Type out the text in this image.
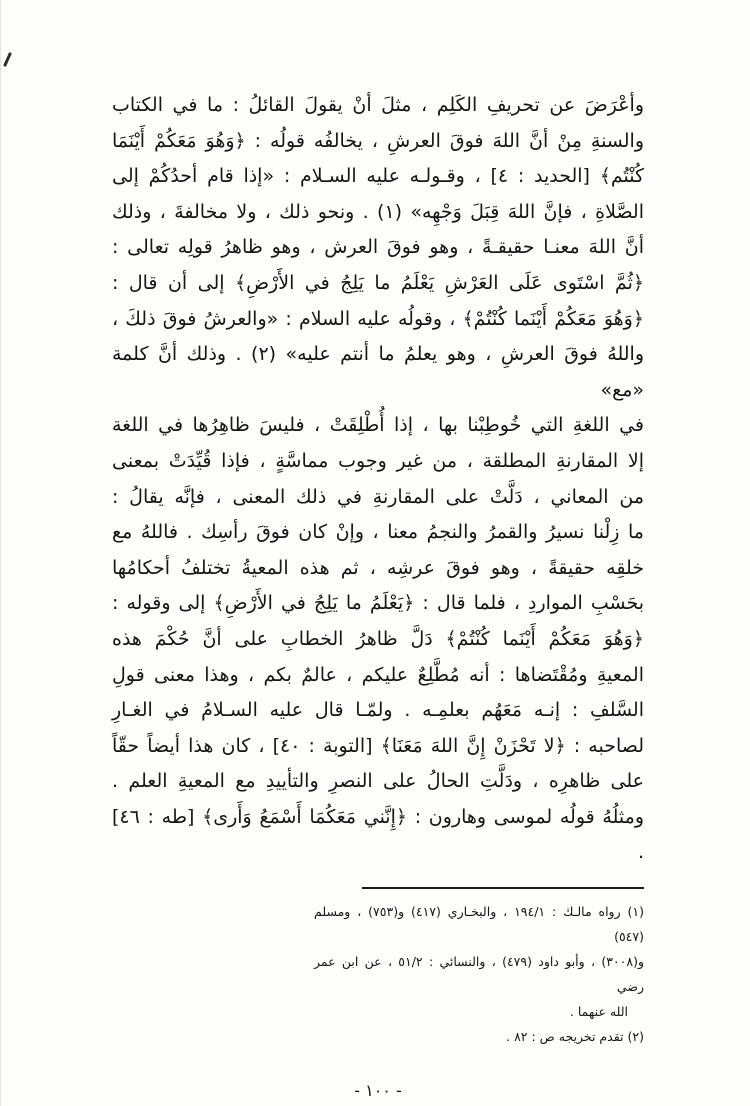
وأعْرَضَ عن تحريفِ الكَلِم ، مثلَ أنْ يقولَ القائلُ : ما في الكتاب
والسنةِ مِنْ أنَّ اللهَ فوقَ العرشِ ، يخالفُه قولُه : ﴿وَهُوَ مَعَكُمْ أَيْنَمَا
كُنْتُم﴾ [الحديد : ٤] ، وقـولـه عليه السـلام : «إذا قام أحدُكُمْ إلى
الصَّلاةِ ، فإنَّ اللهَ قِبَلَ وَجْهِه» (١) . ونحو ذلك ، ولا مخالفةَ ، وذلك
أنَّ اللهَ معنـا حقيقـةً ، وهو فوقَ العرش ، وهو ظاهرُ قولِه تعالى :
﴿ثُمَّ اسْتَوى عَلَى العَرْشِ يَعْلَمُ ما يَلِجُ في الأَرْضِ﴾ إلى أن قال :
﴿وَهُوَ مَعَكُمْ أَيْنَما كُنْتُمْ﴾ ، وقولُه عليه السلام : «والعرشُ فوقَ ذلكَ ،
واللهُ فوقَ العرشِ ، وهو يعلمُ ما أنتم عليه» (٢) . وذلك أنَّ كلمة «مع»
في اللغةِ التي خُوطِبْنا بها ، إذا أُطْلِقَتْ ، فليسَ ظاهِرُها في اللغة
إلا المقارنةِ المطلقة ، من غير وجوب مماسَّةٍ ، فإذا قُيِّدَتْ بمعنى
من المعاني ، دَلَّتْ على المقارنةِ في ذلك المعنى ، فإنَّه يقالُ :
ما زِلْنا نسيرُ والقمرُ والنجمُ معنا ، وإنْ كان فوقَ رأسِك . فاللهُ مع
خلقِه حقيقةً ، وهو فوقَ عرشِه ، ثم هذه المعيةُ تختلفُ أحكامُها
بحَسْبِ المواردِ ، فلما قال : ﴿يَعْلَمُ ما يَلِجُ في الأَرْضِ﴾ إلى وقوله :
﴿وَهُوَ مَعَكُمْ أَيْنَما كُنْتُمْ﴾ دَلَّ ظاهرُ الخطابِ على أنَّ حُكْمَ هذه
المعيةِ ومُقْتَضاها : أنه مُطَّلِعٌ عليكم ، عالمٌ بكم ، وهذا معنى قولِ
السَّلفِ : إنـه مَعَهُم بعلمِـه . ولمّـا قال عليه السـلامُ في الغـارِ
لصاحبه : ﴿لا تَحْزَنْ إِنَّ اللهَ مَعَنَا﴾ [التوبة : ٤٠] ، كان هذا أيضاً حقّاً
على ظاهرِه ، ودَلَّتِ الحالُ على النصرِ والتأييدِ مع المعيةِ العلم .
ومثلُهُ قولُه لموسى وهارون : ﴿إِنَّني مَعَكُمَا أَسْمَعُ وَأَرى﴾ [طه : ٤٦] .
(١) رواه مالـك : ١٩٤/١ ، والبخـاري (٤١٧) و(٧٥٣) ، ومسلم (٥٤٧)
و(٣٠٠٨) ، وأبو داود (٤٧٩) ، والنسائي : ٥١/٢ ، عن ابن عمر رضي
الله عنهما .
(٢) تقدم تخريجه ص : ٨٢ .
- ١٠٠ -
